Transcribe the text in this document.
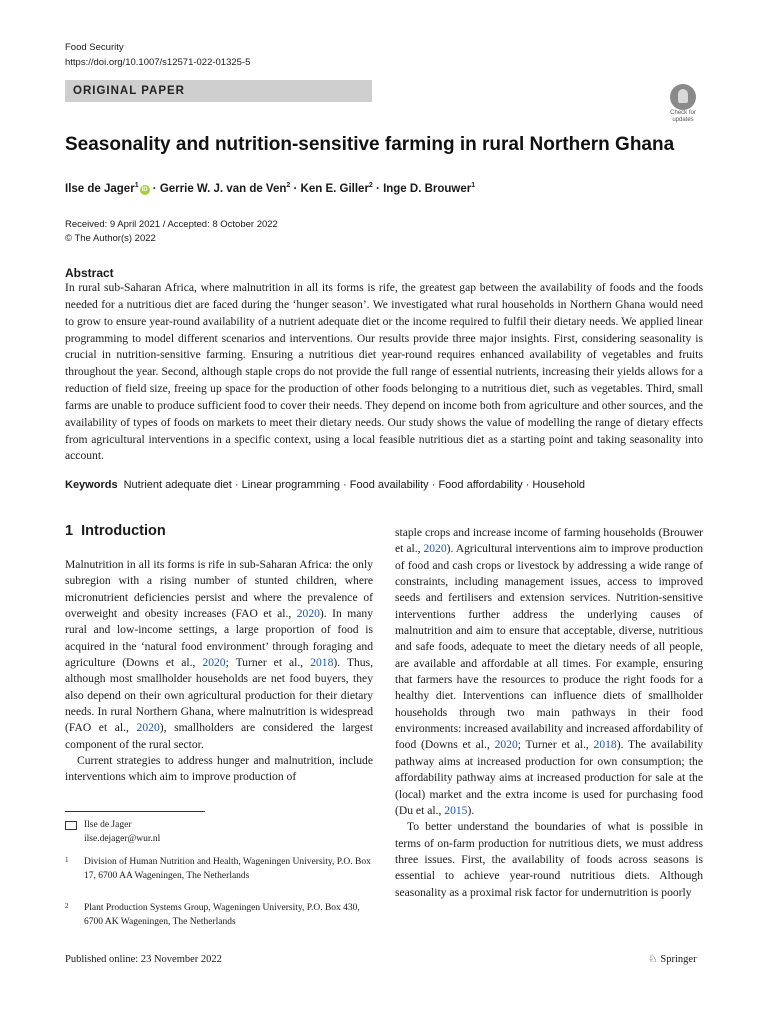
Food Security
https://doi.org/10.1007/s12571-022-01325-5
ORIGINAL PAPER
Check for
updates
Seasonality and nutrition-sensitive farming in rural Northern Ghana
Ilse de Jager$^1$iD · Gerrie W. J. van de Ven$^2$ · Ken E. Giller$^2$ · Inge D. Brouwer$^1$
Received: 9 April 2021 / Accepted: 8 October 2022
© The Author(s) 2022
Abstract
In rural sub-Saharan Africa, where malnutrition in all its forms is rife, the greatest gap between the availability of foods and the foods needed for a nutritious diet are faced during the ‘hunger season’. We investigated what rural households in Northern Ghana would need to grow to ensure year-round availability of a nutrient adequate diet or the income required to fulfil their dietary needs. We applied linear programming to model different scenarios and interventions. Our results provide three major insights. First, considering seasonality is crucial in nutrition-sensitive farming. Ensuring a nutritious diet year-round requires enhanced availability of vegetables and fruits throughout the year. Second, although staple crops do not provide the full range of essential nutrients, increasing their yields allows for a reduction of field size, freeing up space for the production of other foods belonging to a nutritious diet, such as vegetables. Third, small farms are unable to produce sufficient food to cover their needs. They depend on income both from agriculture and other sources, and the availability of types of foods on markets to meet their dietary needs. Our study shows the value of modelling the range of dietary effects from agricultural interventions in a specific context, using a local feasible nutritious diet as a starting point and taking seasonality into account.
Keywords Nutrient adequate diet · Linear programming · Food availability · Food affordability · Household
1 Introduction

Malnutrition in all its forms is rife in sub-Saharan Africa: the only subregion with a rising number of stunted children, where micronutrient deficiencies persist and where the prevalence of overweight and obesity increases (FAO et al., 2020). In many rural and low-income settings, a large proportion of food is acquired in the ‘natural food environment’ through foraging and agriculture (Downs et al., 2020; Turner et al., 2018). Thus, although most smallholder households are net food buyers, they also depend on their own agricultural production for their dietary needs. In rural Northern Ghana, where malnutrition is widespread (FAO et al., 2020), smallholders are considered the largest component of the rural sector.

Current strategies to address hunger and malnutrition, include interventions which aim to improve production of

staple crops and increase income of farming households (Brouwer et al., 2020). Agricultural interventions aim to improve production of food and cash crops or livestock by addressing a wide range of constraints, including management issues, access to improved seeds and fertilisers and extension services. Nutrition-sensitive interventions further address the underlying causes of malnutrition and aim to ensure that acceptable, diverse, nutritious and safe foods, adequate to meet the dietary needs of all people, are available and affordable at all times. For example, ensuring that farmers have the resources to produce the right foods for a healthy diet. Interventions can influence diets of smallholder households through two main pathways in their food environments: increased availability and increased affordability of food (Downs et al., 2020; Turner et al., 2018). The availability pathway aims at increased production for own consumption; the affordability pathway aims at increased production for sale at the (local) market and the extra income is used for purchasing food (Du et al., 2015).

To better understand the boundaries of what is possible in terms of on-farm production for nutritious diets, we must address three issues. First, the availability of foods across seasons is essential to achieve year-round nutritious diets. Although seasonality as a proximal risk factor for undernutrition is poorly

Ilse de Jager
ilse.dejager@wur.nl
1 Division of Human Nutrition and Health, Wageningen University, P.O. Box 17, 6700 AA Wageningen, The Netherlands
2 Plant Production Systems Group, Wageningen University, P.O. Box 430, 6700 AK Wageningen, The Netherlands
Published online: 23 November 2022	♘ Springer
